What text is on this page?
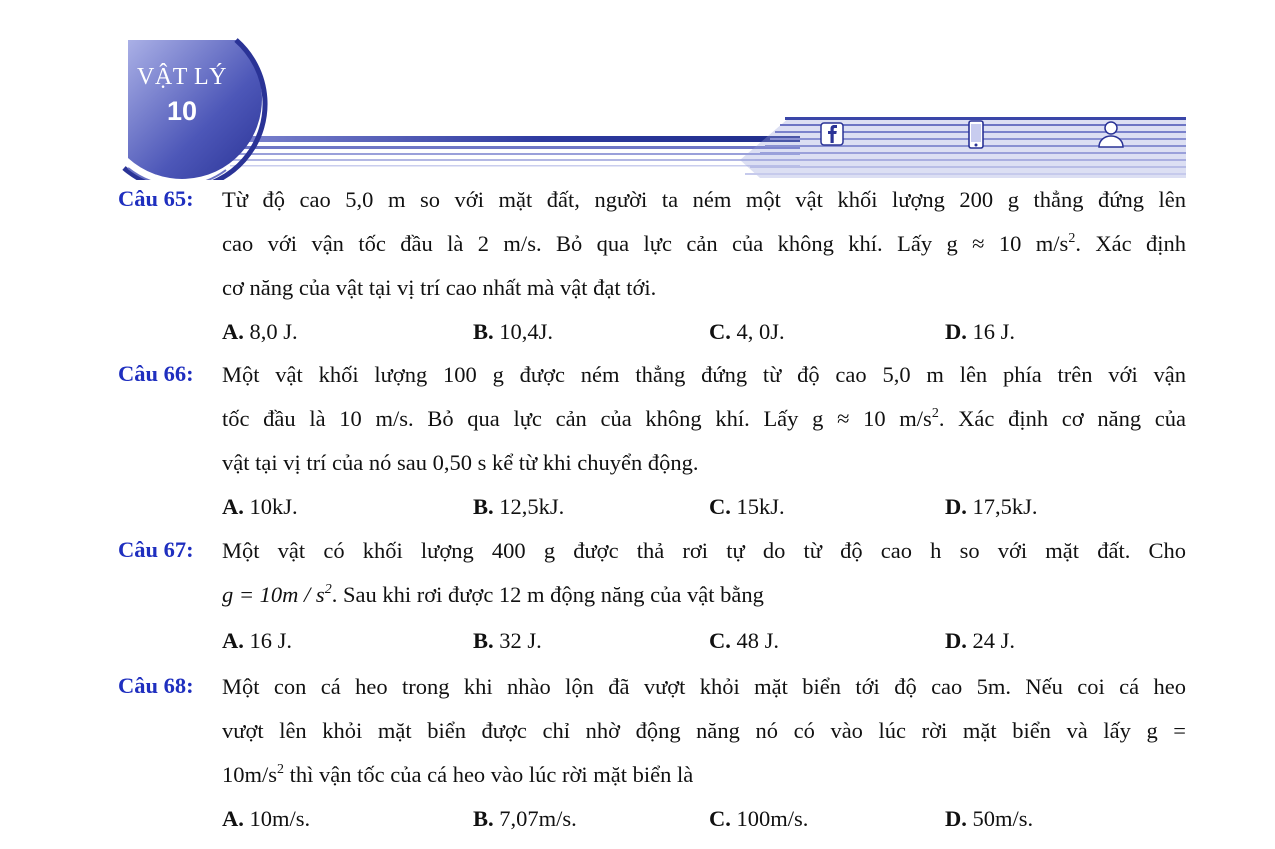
VẬT LÝ
10
Câu 65: Từ độ cao 5,0 m so với mặt đất, người ta ném một vật khối lượng 200 g thẳng đứng lên
cao với vận tốc đầu là 2 m/s. Bỏ qua lực cản của không khí. Lấy g ≈ 10 $m/s^2$. Xác định
cơ năng của vật tại vị trí cao nhất mà vật đạt tới.
A. 8,0 J.	B. 10,4J.	C. 4, 0J.	D. 16 J.
Câu 66: Một vật khối lượng 100 g được ném thẳng đứng từ độ cao 5,0 m lên phía trên với vận
tốc đầu là 10 m/s. Bỏ qua lực cản của không khí. Lấy g ≈ 10 $m/s^2$. Xác định cơ năng của
vật tại vị trí của nó sau 0,50 s kể từ khi chuyển động.
A. 10kJ.	B. 12,5kJ.	C. 15kJ.	D. 17,5kJ.
Câu 67: Một vật có khối lượng 400 g được thả rơi tự do từ độ cao h so với mặt đất. Cho
$g = 10m / s^2$. Sau khi rơi được 12 m động năng của vật bằng
A. 16 J.	B. 32 J.	C. 48 J.	D. 24 J.
Câu 68: Một con cá heo trong khi nhào lộn đã vượt khỏi mặt biển tới độ cao 5m. Nếu coi cá heo
vượt lên khỏi mặt biển được chỉ nhờ động năng nó có vào lúc rời mặt biển và lấy g =
$10m/s^2$ thì vận tốc của cá heo vào lúc rời mặt biển là
A. 10m/s.	B. 7,07m/s.	C. 100m/s.	D. 50m/s.
